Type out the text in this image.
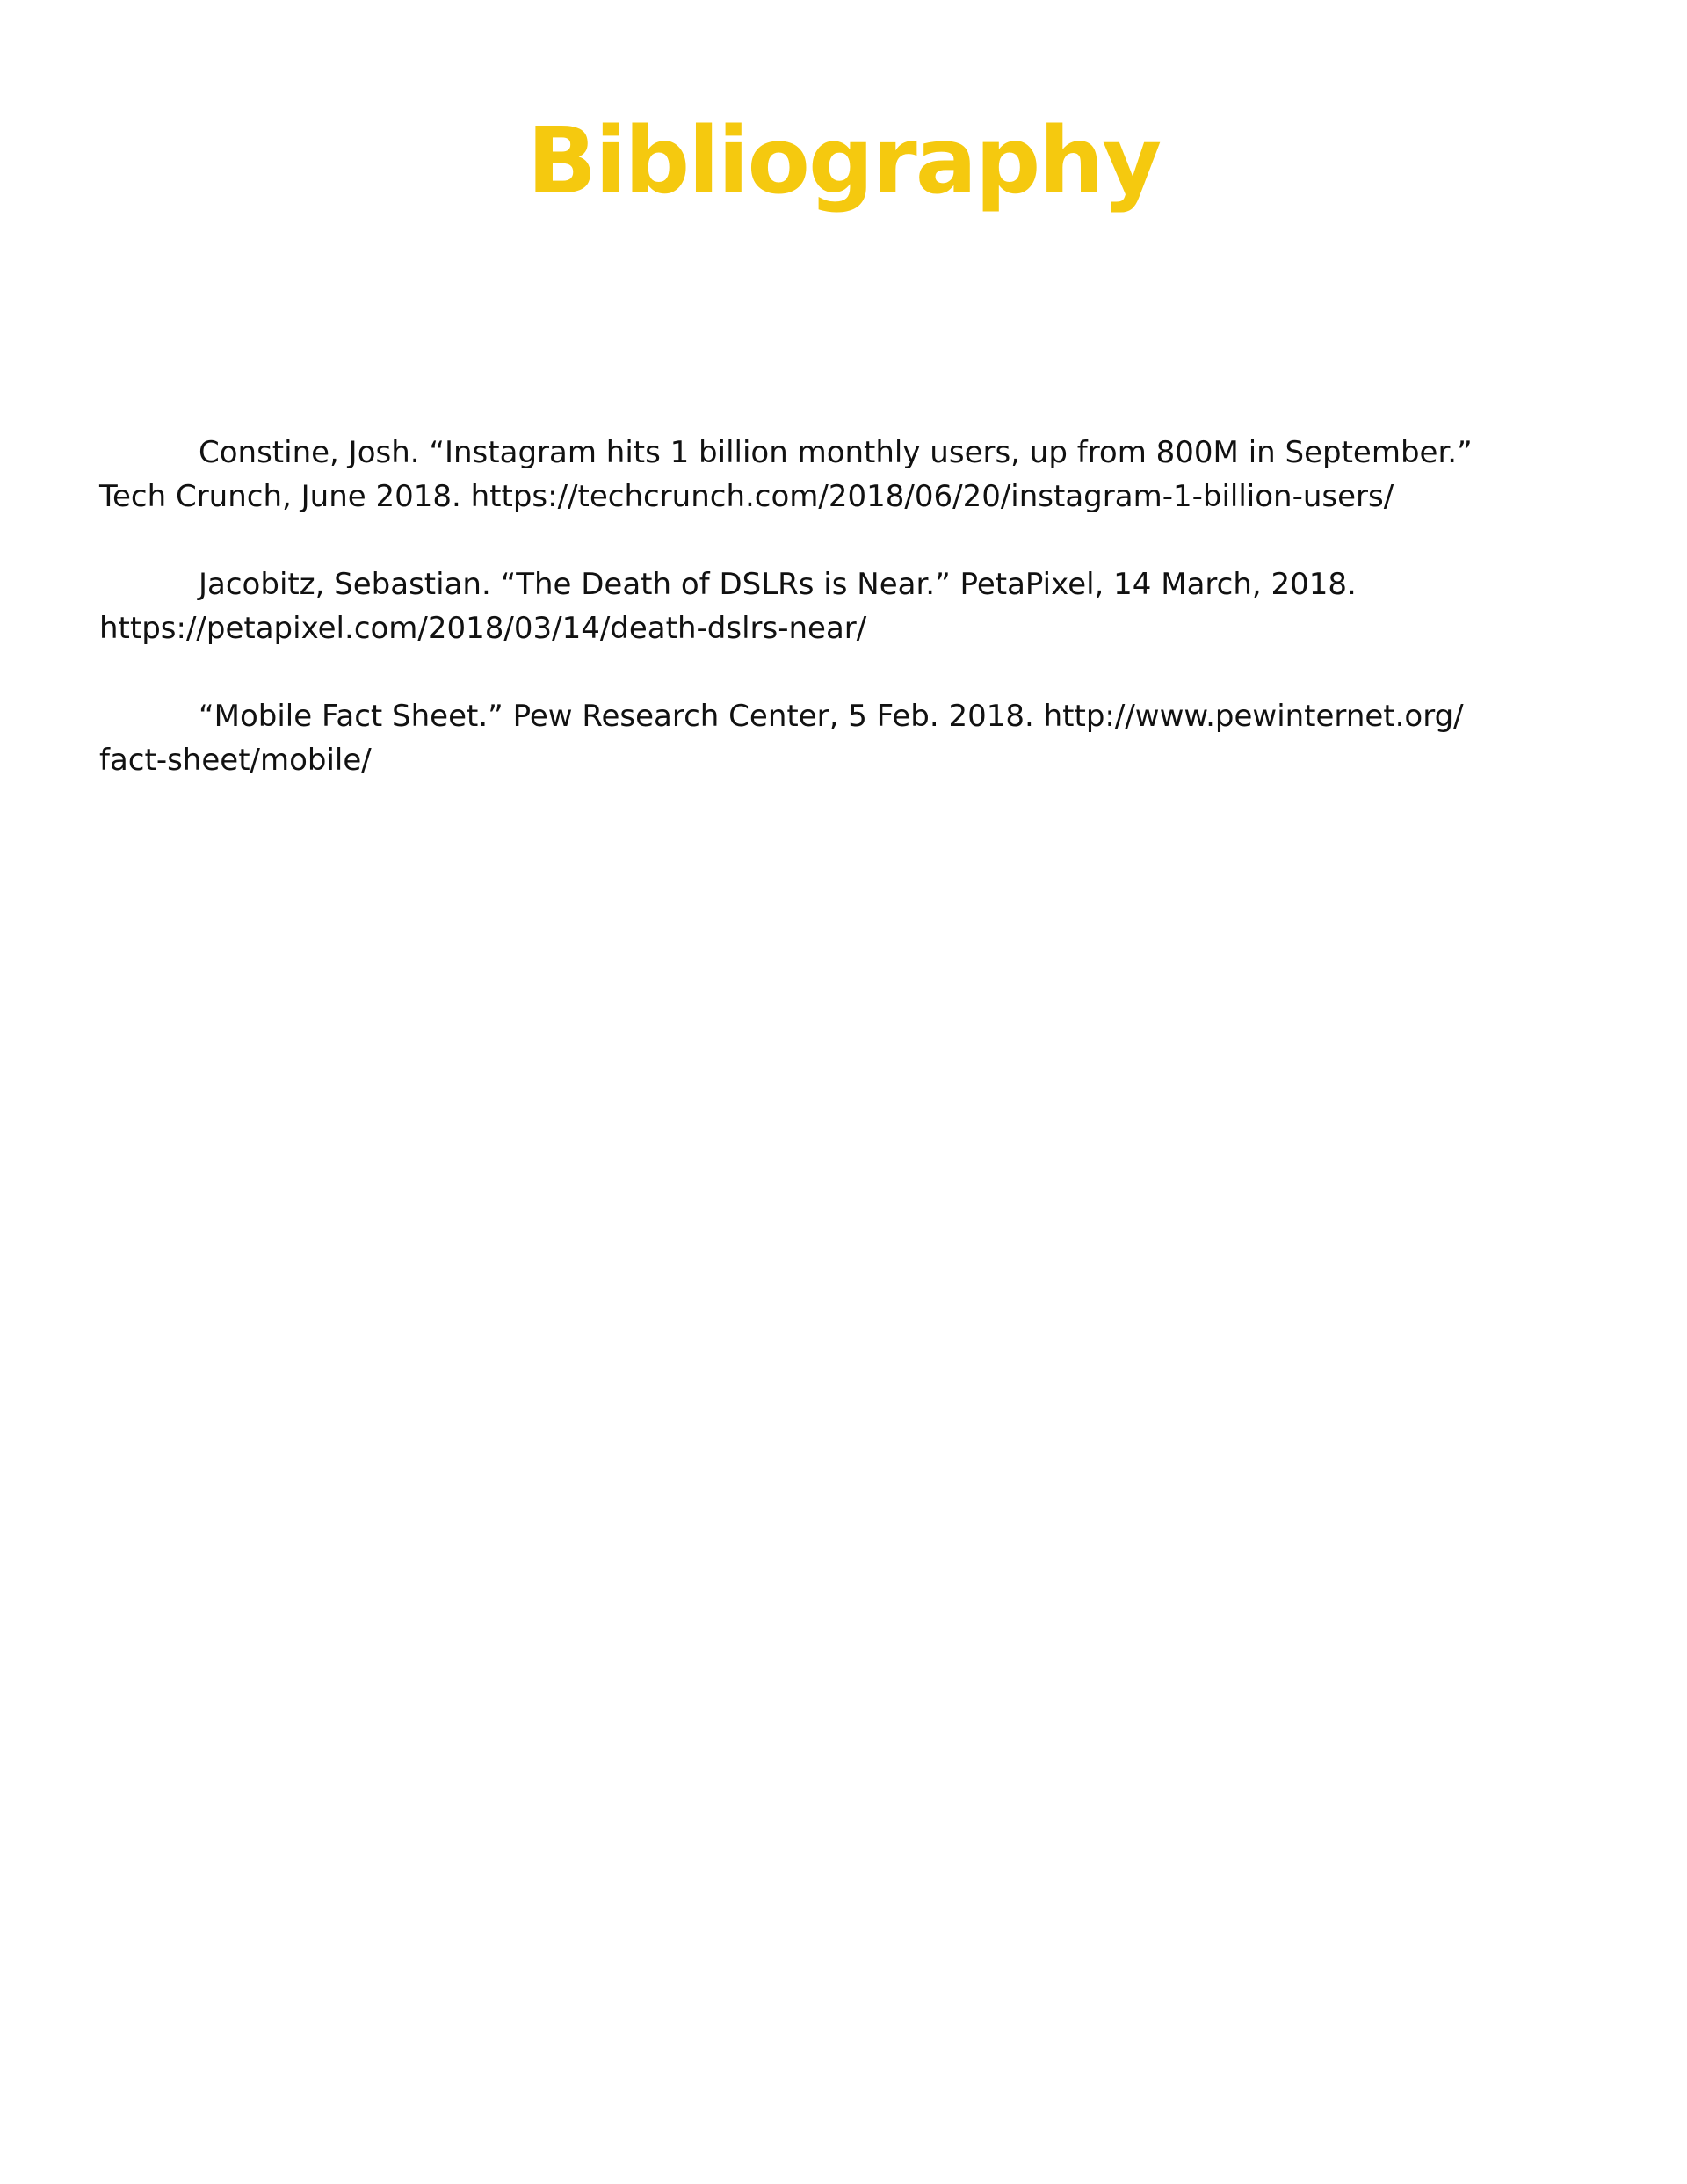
Bibliography
Constine, Josh. “Instagram hits 1 billion monthly users, up from 800M in September.”
Tech Crunch, June 2018. https://techcrunch.com/2018/06/20/instagram-1-billion-users/
Jacobitz, Sebastian. “The Death of DSLRs is Near.” PetaPixel, 14 March, 2018.
https://petapixel.com/2018/03/14/death-dslrs-near/
“Mobile Fact Sheet.” Pew Research Center, 5 Feb. 2018. http://www.pewinternet.org/
fact-sheet/mobile/
